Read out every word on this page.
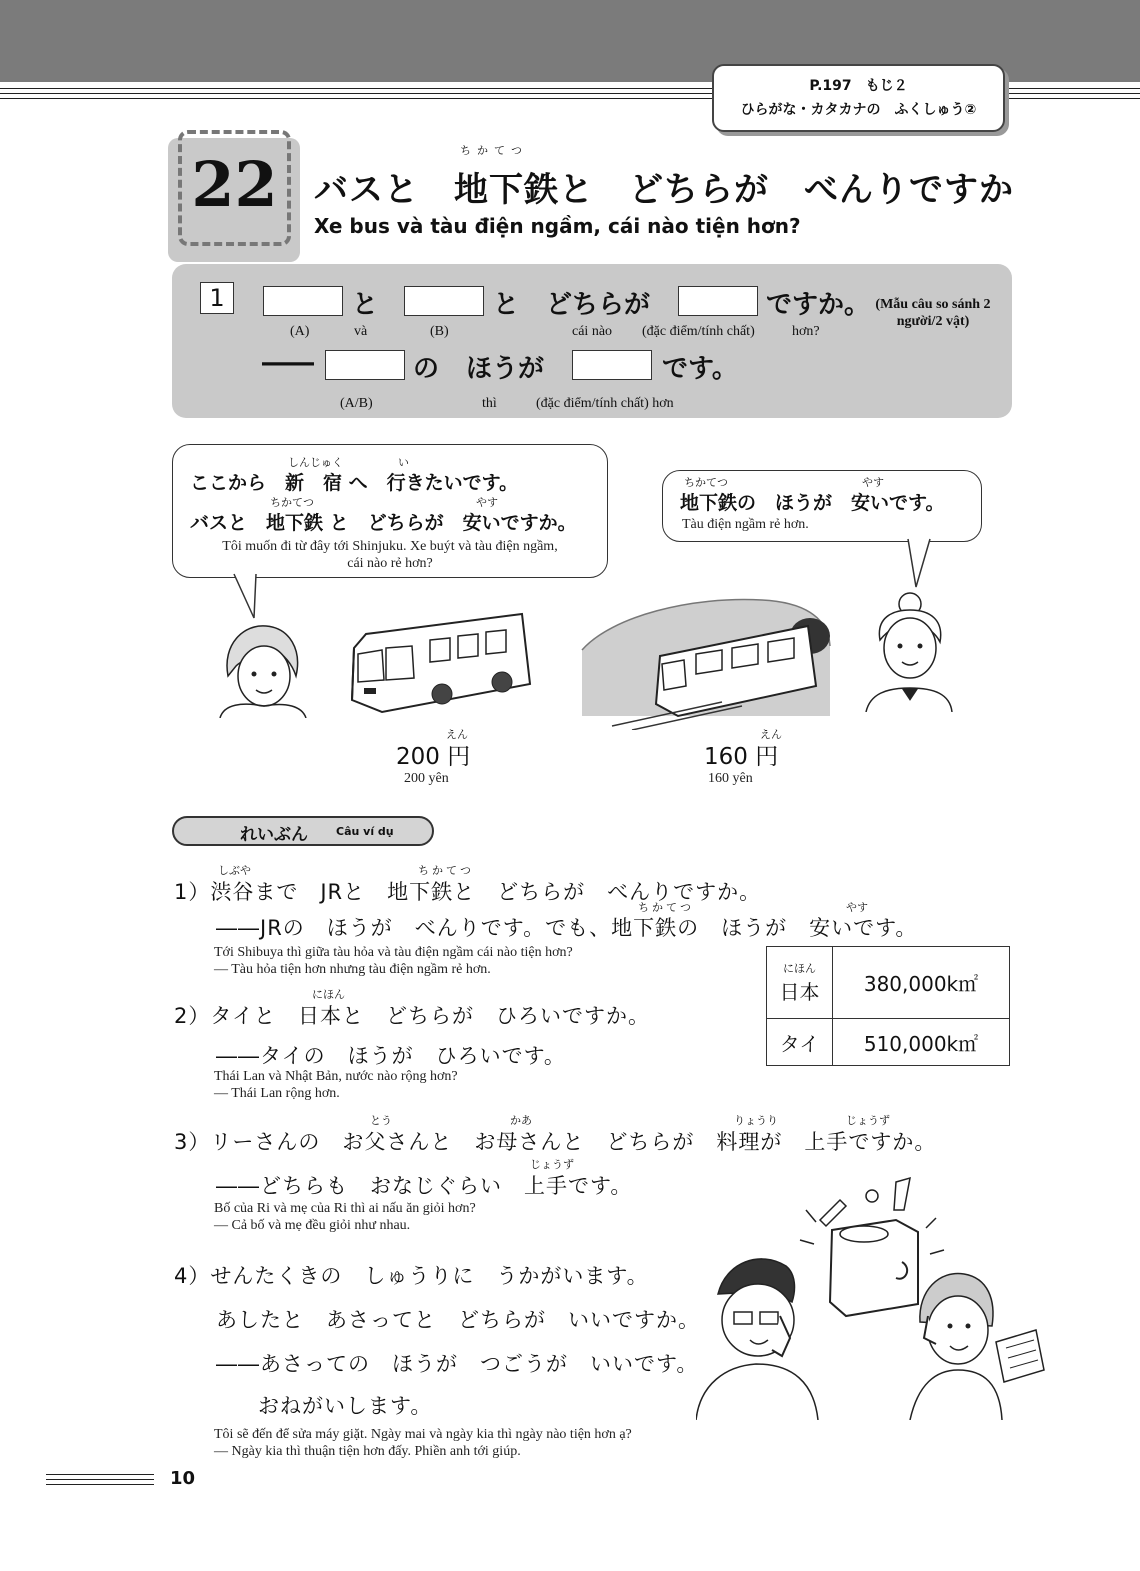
P.197　もじ２
ひらがな・カタカナの　ふくしゅう②
22	ちかてつ
バスと　地下鉄と　どちらが　べんりですか
Xe bus và tàu điện ngầm, cái nào tiện hơn?
1	と	と どちらが	ですか。 (Mẫu câu so sánh 2 người/2 vật)
(A)	và	(B)	cái nào (đặc điểm/tính chất)	hơn?
――	の ほうが	です。
(A/B)	thì	(đặc điểm/tính chất) hơn
しんじゅく	い
ここから　新　宿 へ　行きたいです。
ちかてつ	やす
バスと　地下鉄 と　どちらが　安いですか。
Tôi muốn đi từ đây tới Shinjuku. Xe buýt và tàu điện ngầm,
cái nào rẻ hơn?
ちかてつ	やす
地下鉄の　ほうが　安いです。
Tàu điện ngầm rẻ hơn.
えん
200 円
200 yên
えん
160 円
160 yên
れいぶん	Câu ví dụ
しぶや	ちかてつ
1）渋谷まで　JRと　地下鉄と　どちらが　べんりですか。
ちかてつ	やす
――JRの　ほうが　べんりです。でも、地下鉄の　ほうが　安いです。
Tới Shibuya thì giữa tàu hỏa và tàu điện ngầm cái nào tiện hơn?
― Tàu hỏa tiện hơn nhưng tàu điện ngầm rẻ hơn.	にほん
日本	380,000k㎡
タイ	510,000k㎡
にほん
2）タイと　日本と　どちらが　ひろいですか。
――タイの　ほうが　ひろいです。
Thái Lan và Nhật Bản, nước nào rộng hơn?
― Thái Lan rộng hơn.
とう	かあ	りょうり	じょうず
3）リーさんの　お父さんと　お母さんと　どちらが　料理が　上手ですか。
じょうず
――どちらも　おなじぐらい　上手です。
Bố của Ri và mẹ của Ri thì ai nấu ăn giỏi hơn?
― Cả bố và mẹ đều giỏi như nhau.
4）せんたくきの　しゅうりに　うかがいます。
あしたと　あさってと　どちらが　いいですか。
――あさっての　ほうが　つごうが　いいです。
おねがいします。
Tôi sẽ đến để sửa máy giặt. Ngày mai và ngày kia thì ngày nào tiện hơn ạ?
― Ngày kia thì thuận tiện hơn đấy. Phiền anh tới giúp.
10
